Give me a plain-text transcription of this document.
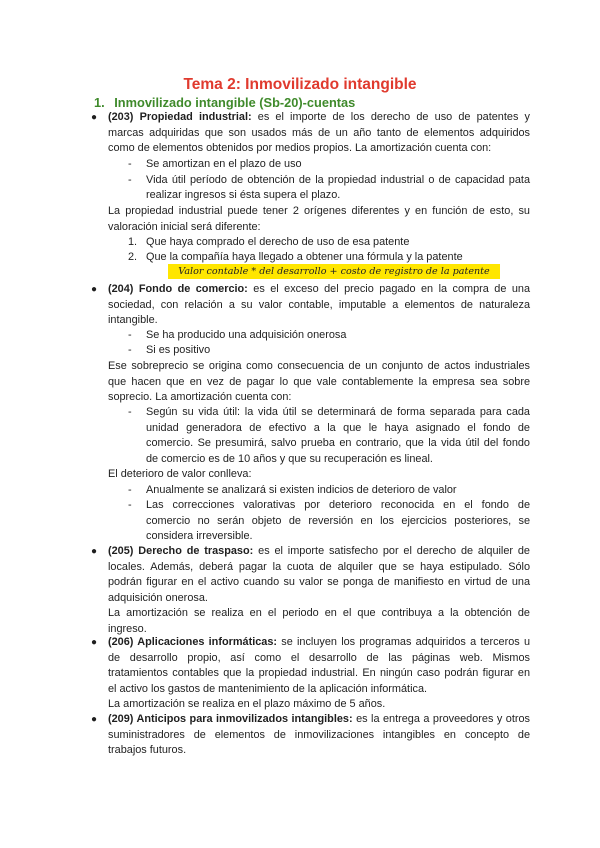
Tema 2: Inmovilizado intangible
1. Inmovilizado intangible (Sb-20)-cuentas
● (203) Propiedad industrial: es el importe de los derecho de uso de patentes y
marcas adquiridas que son usados más de un año tanto de elementos adquiridos
como de elementos obtenidos por medios propios. La amortización cuenta con:
- Se amortizan en el plazo de uso
- Vida útil período de obtención de la propiedad industrial o de capacidad pata
realizar ingresos si ésta supera el plazo.
La propiedad industrial puede tener 2 orígenes diferentes y en función de esto, su
valoración inicial será diferente:
1. Que haya comprado el derecho de uso de esa patente
2. Que la compañía haya llegado a obtener una fórmula y la patente
Valor contable * del desarrollo + costo de registro de la patente
● (204) Fondo de comercio: es el exceso del precio pagado en la compra de una
sociedad, con relación a su valor contable, imputable a elementos de naturaleza
intangible.
- Se ha producido una adquisición onerosa
- Si es positivo
Ese sobreprecio se origina como consecuencia de un conjunto de actos industriales
que hacen que en vez de pagar lo que vale contablemente la empresa sea sobre
soprecio. La amortización cuenta con:
- Según su vida útil: la vida útil se determinará de forma separada para cada
unidad generadora de efectivo a la que le haya asignado el fondo de
comercio. Se presumirá, salvo prueba en contrario, que la vida útil del fondo
de comercio es de 10 años y que su recuperación es lineal.
El deterioro de valor conlleva:
- Anualmente se analizará si existen indicios de deterioro de valor
- Las correcciones valorativas por deterioro reconocida en el fondo de
comercio no serán objeto de reversión en los ejercicios posteriores, se
considera irreversible.
● (205) Derecho de traspaso: es el importe satisfecho por el derecho de alquiler de
locales. Además, deberá pagar la cuota de alquiler que se haya estipulado. Sólo
podrán figurar en el activo cuando su valor se ponga de manifiesto en virtud de una
adquisición onerosa.
La amortización se realiza en el periodo en el que contribuya a la obtención de
ingreso.
● (206) Aplicaciones informáticas: se incluyen los programas adquiridos a terceros u
de desarrollo propio, así como el desarrollo de las páginas web. Mismos
tratamientos contables que la propiedad industrial. En ningún caso podrán figurar en
el activo los gastos de mantenimiento de la aplicación informática.
La amortización se realiza en el plazo máximo de 5 años.
● (209) Anticipos para inmovilizados intangibles: es la entrega a proveedores y otros
suministradores de elementos de inmovilizaciones intangibles en concepto de
trabajos futuros.
